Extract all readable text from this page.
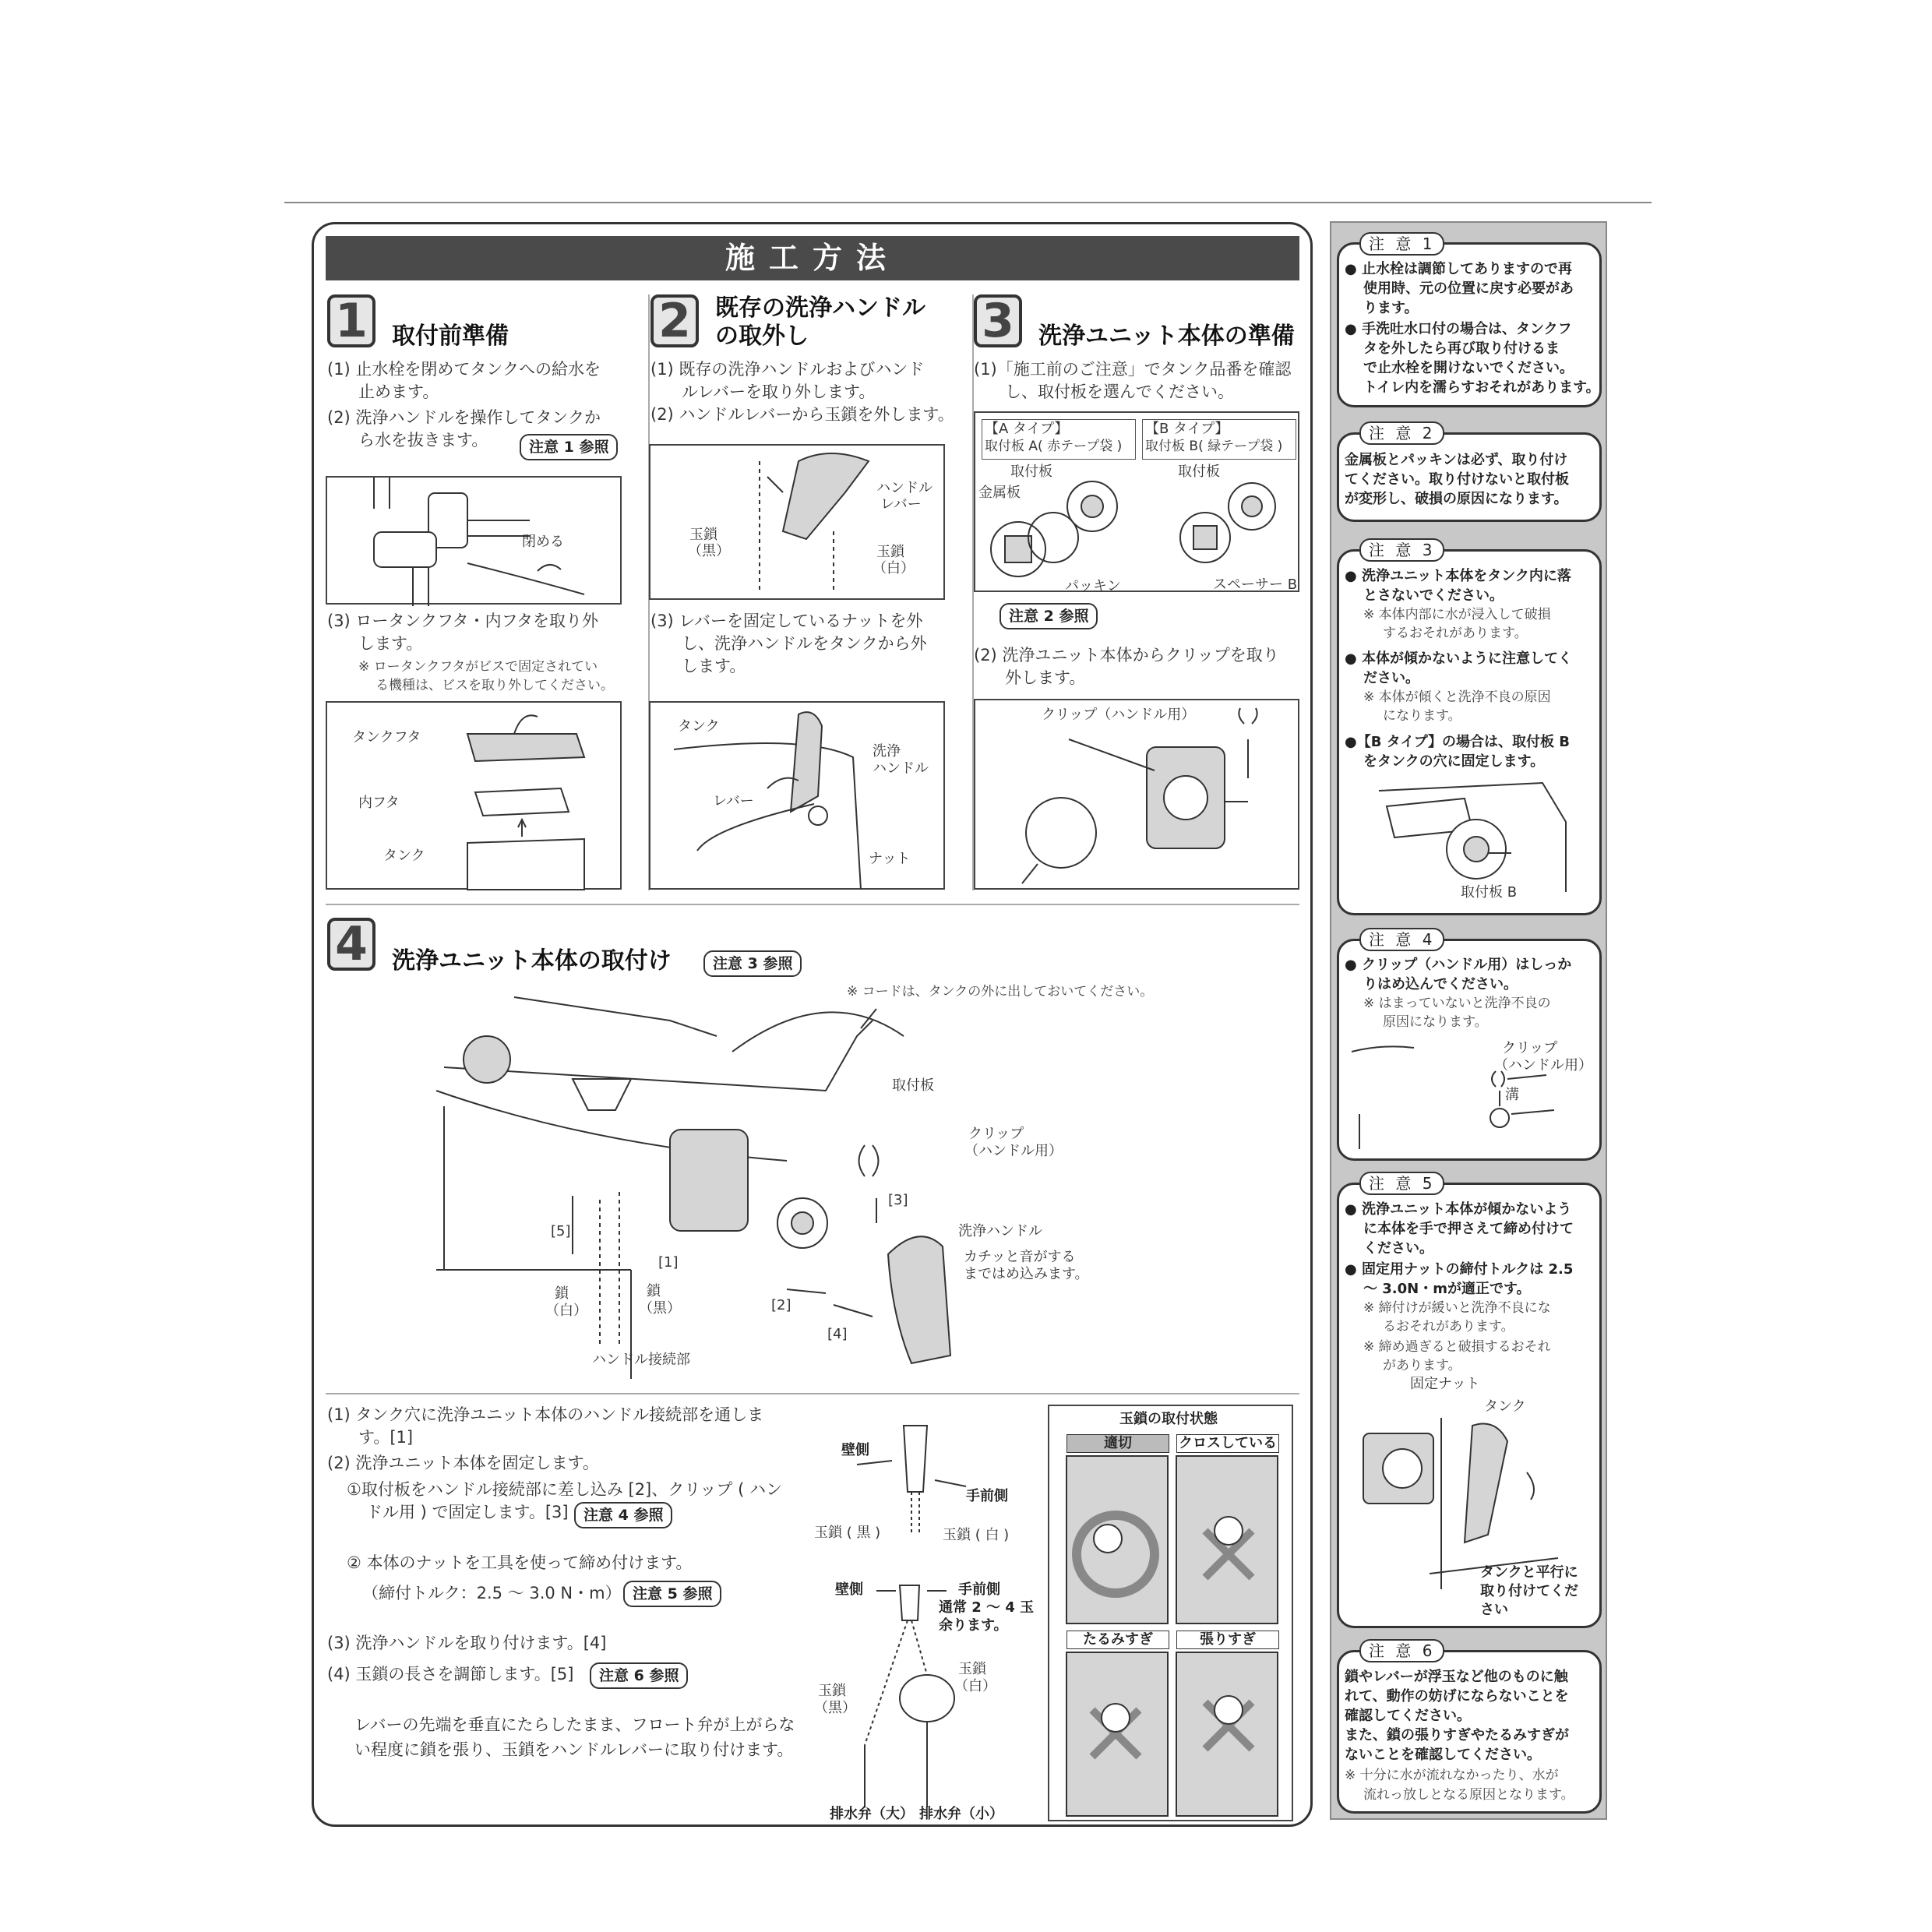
施工方法
1	取付前準備
(1) 止水栓を閉めてタンクへの給水を
止めます。
(2) 洗浄ハンドルを操作してタンクか
ら水を抜きます。	注意 1 参照
閉める
(3) ロータンクフタ・内フタを取り外
します。
※ ロータンクフタがビスで固定されてい
る機種は、ビスを取り外してください。
タンクフタ
内フタ
タンク
2	既存の洗浄ハンドル
の取外し
(1) 既存の洗浄ハンドルおよびハンド
ルレバーを取り外します。
(2) ハンドルレバーから玉鎖を外します。
ハンドル
レバー
玉鎖
（黒）	玉鎖
（白）
(3) レバーを固定しているナットを外
し、洗浄ハンドルをタンクから外
します。
タンク
洗浄
ハンドル
レバー
ナット
3	洗浄ユニット本体の準備
(1)「施工前のご注意」でタンク品番を確認
し、取付板を選んでください。
【A タイプ】
取付板 A( 赤テープ袋 )
【B タイプ】
取付板 B( 緑テープ袋 )
取付板
金属板
パッキン
取付板
スペーサー B
注意 2 参照
(2) 洗浄ユニット本体からクリップを取り
外します。
クリップ（ハンドル用）
4	洗浄ユニット本体の取付け	注意 3 参照
※ コードは、タンクの外に出しておいてください。
取付板
クリップ
（ハンドル用）
洗浄ハンドル
カチッと音がする
まではめ込みます。
[1]
[2]
[3]
[4]
[5]
鎖
（白）
鎖
（黒）
ハンドル接続部
(1) タンク穴に洗浄ユニット本体のハンドル接続部を通しま
す。[1]
(2) 洗浄ユニット本体を固定します。
①取付板をハンドル接続部に差し込み [2]、クリップ ( ハン
ドル用 ) で固定します。[3]	注意 4 参照
② 本体のナットを工具を使って締め付けます。
（締付トルク：2.5 ～ 3.0 N・m） 注意 5 参照
(3) 洗浄ハンドルを取り付けます。[4]
(4) 玉鎖の長さを調節します。[5]	注意 6 参照
レバーの先端を垂直にたらしたまま、フロート弁が上がらな
い程度に鎖を張り、玉鎖をハンドルレバーに取り付けます。
壁側
手前側
玉鎖 ( 黒 )	玉鎖 ( 白 )
壁側	手前側
通常 2 ～ 4 玉
余ります。
玉鎖
（黒）
玉鎖
（白）
排水弁（大） 排水弁（小）
玉鎖の取付状態
適切	クロスしている
たるみすぎ	張りすぎ
注 意 1
● 止水栓は調節してありますので再
使用時、元の位置に戻す必要があ
ります。
● 手洗吐水口付の場合は、タンクフ
タを外したら再び取り付けるま
で止水栓を開けないでください。
トイレ内を濡らすおそれがあります。
注 意 2
金属板とパッキンは必ず、取り付け
てください。取り付けないと取付板
が変形し、破損の原因になります。
注 意 3
● 洗浄ユニット本体をタンク内に落
とさないでください。
※ 本体内部に水が浸入して破損
するおそれがあります。
● 本体が傾かないように注意してく
ださい。
※ 本体が傾くと洗浄不良の原因
になります。
●【B タイプ】の場合は、取付板 B
をタンクの穴に固定します。
取付板 B
注 意 4
● クリップ（ハンドル用）はしっか
りはめ込んでください。
※ はまっていないと洗浄不良の
原因になります。
クリップ
（ハンドル用）
溝
注 意 5
● 洗浄ユニット本体が傾かないよう
に本体を手で押さえて締め付けて
ください。
● 固定用ナットの締付トルクは 2.5
～ 3.0N・mが適正です。
※ 締付けが緩いと洗浄不良にな
るおそれがあります。
※ 締め過ぎると破損するおそれ
があります。
固定ナット
タンク
タンクと平行に
取り付けてくだ
さい
注 意 6
鎖やレバーが浮玉など他のものに触
れて、動作の妨げにならないことを
確認してください。
また、鎖の張りすぎやたるみすぎが
ないことを確認してください。
※ 十分に水が流れなかったり、水が
流れっ放しとなる原因となります。
